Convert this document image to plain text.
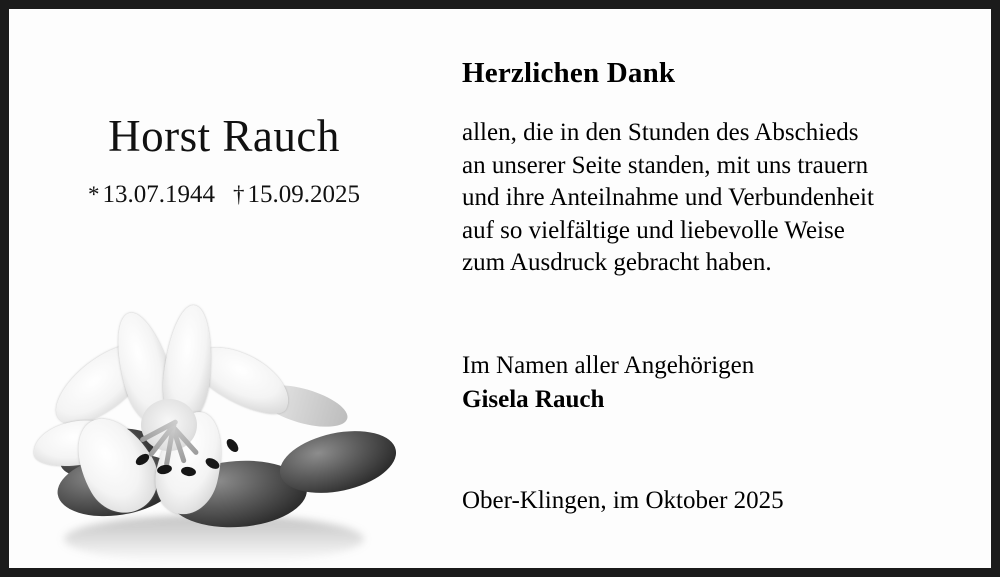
Horst Rauch
* 13.07.1944 † 15.09.2025
Herzlichen Dank

allen, die in den Stunden des Abschieds

an unserer Seite standen, mit uns trauern

und ihre Anteilnahme und Verbundenheit

auf so vielfältige und liebevolle Weise

zum Ausdruck gebracht haben.

Im Namen aller Angehörigen
Gisela Rauch
Ober-Klingen, im Oktober 2025
